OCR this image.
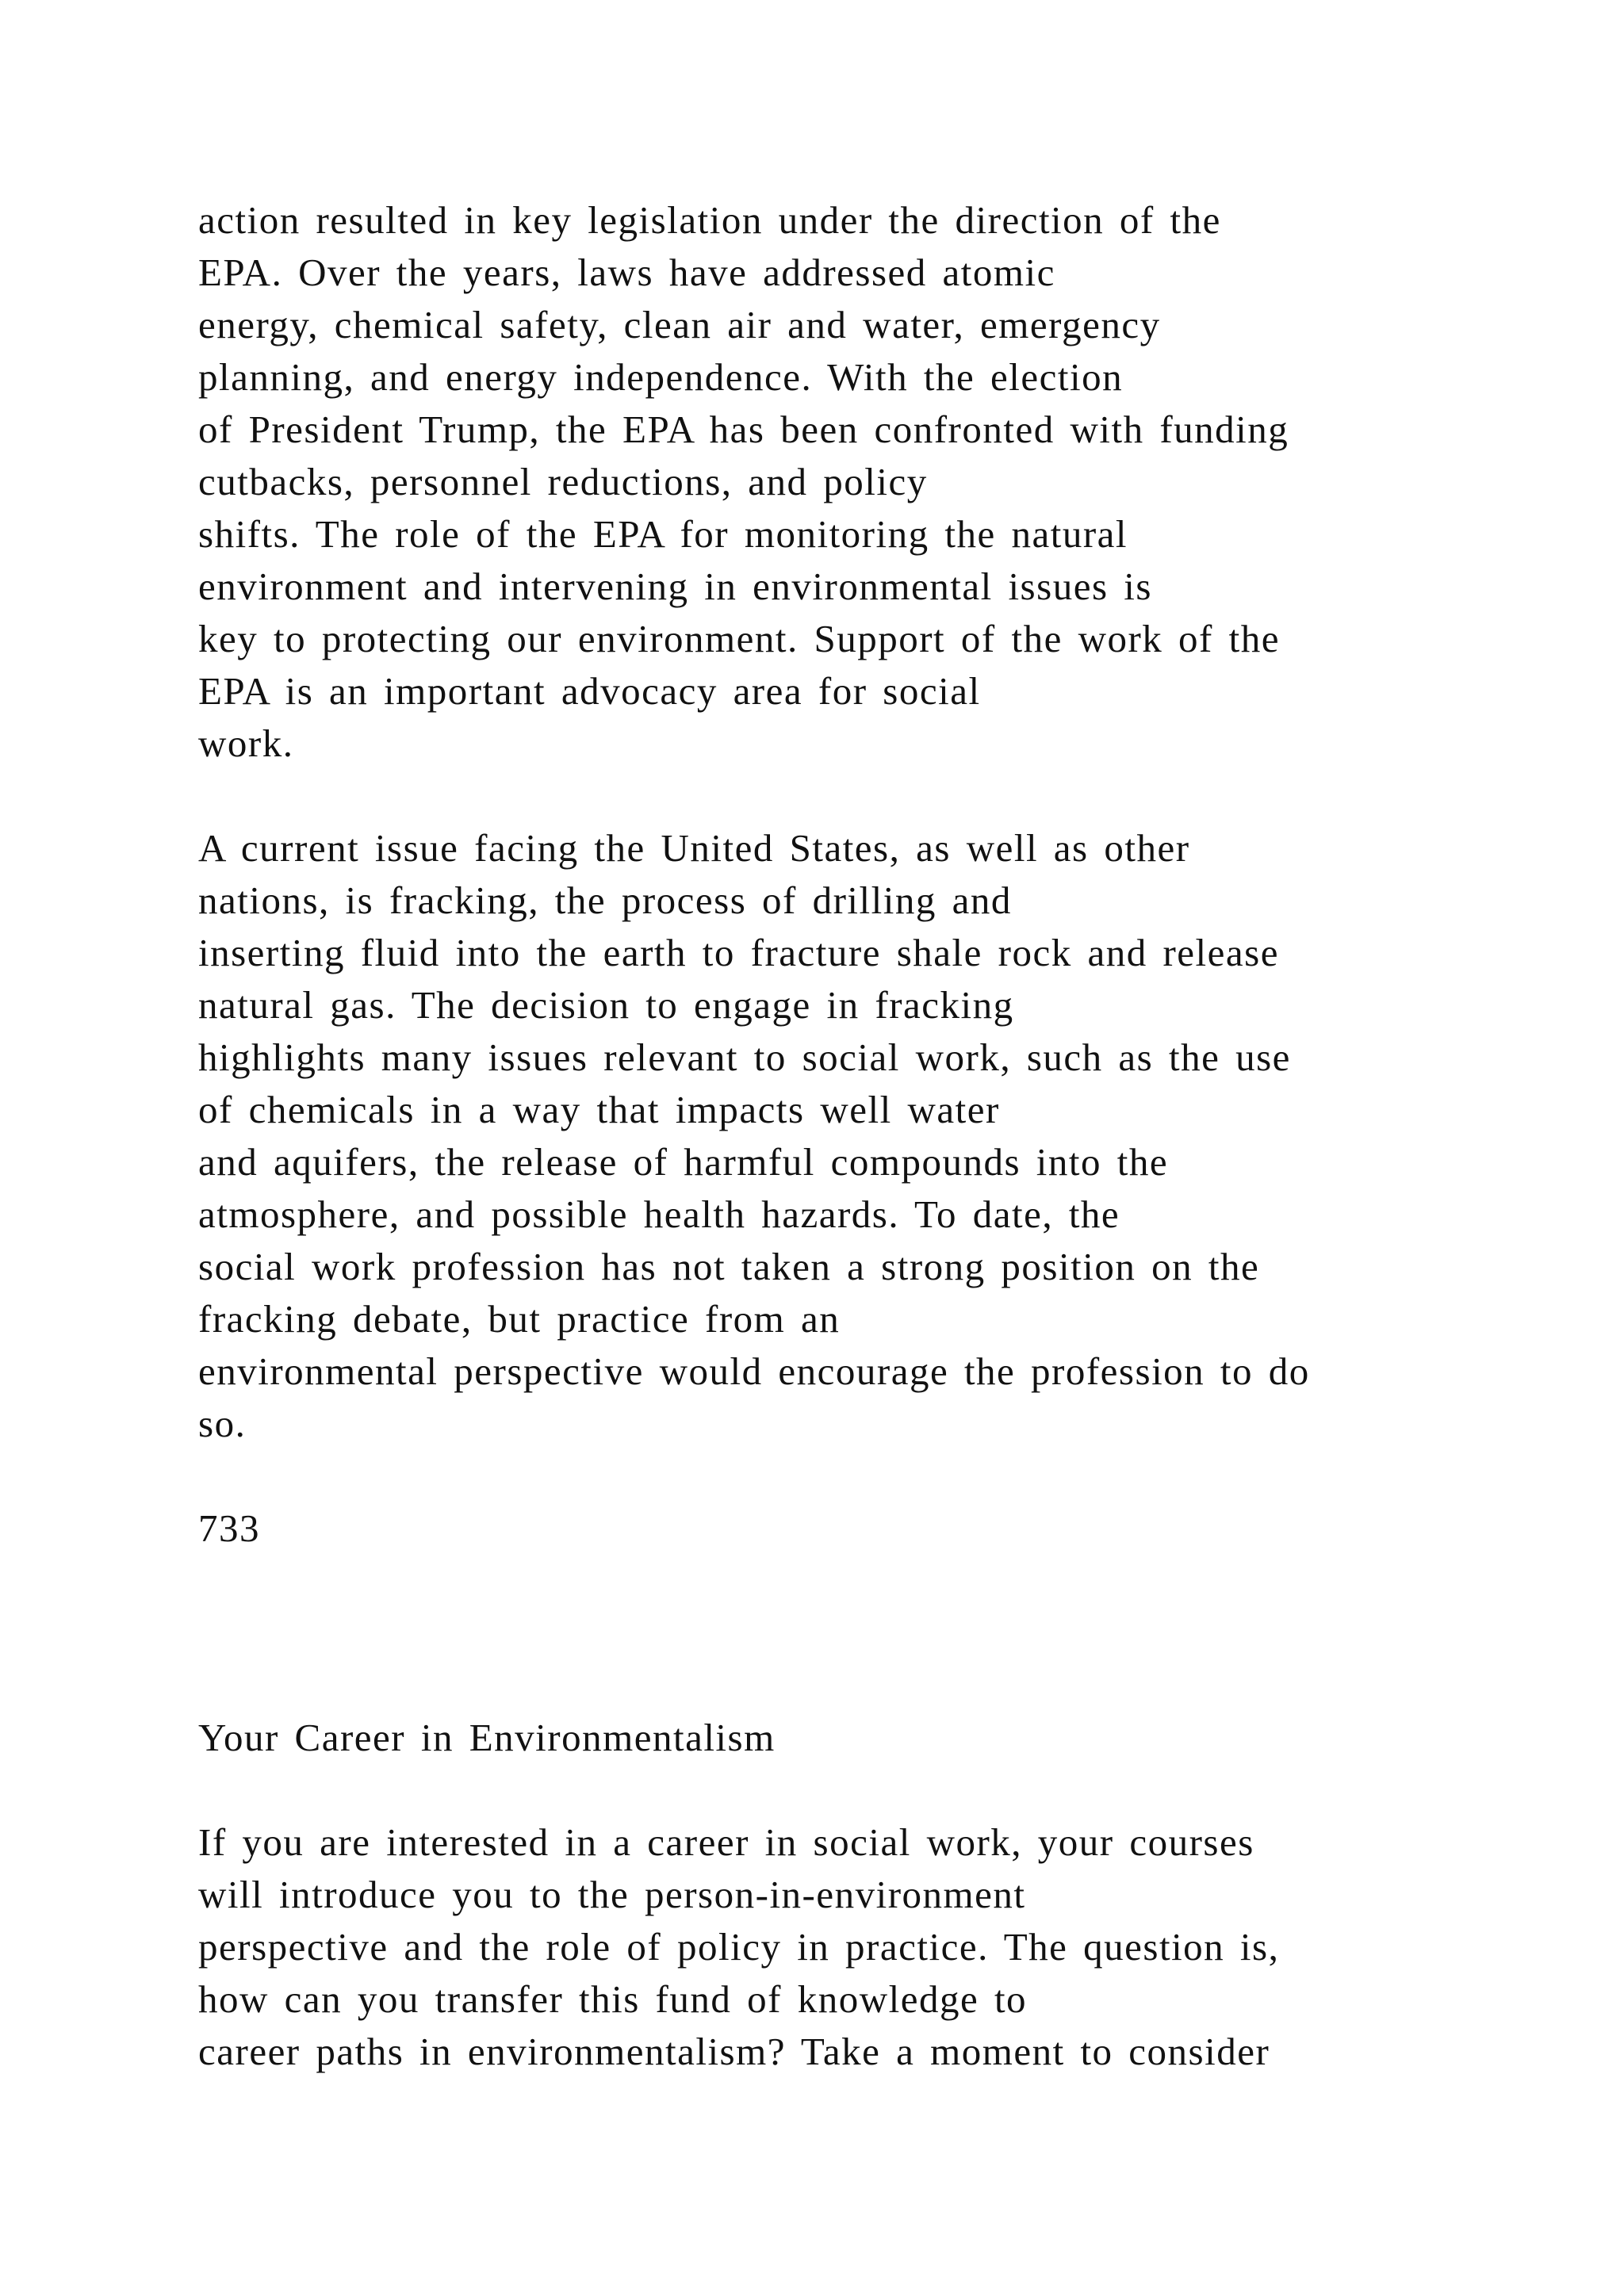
action resulted in key legislation under the direction of the
EPA. Over the years, laws have addressed atomic
energy, chemical safety, clean air and water, emergency
planning, and energy independence. With the election
of President Trump, the EPA has been confronted with funding
cutbacks, personnel reductions, and policy
shifts. The role of the EPA for monitoring the natural
environment and intervening in environmental issues is
key to protecting our environment. Support of the work of the
EPA is an important advocacy area for social
work.
A current issue facing the United States, as well as other
nations, is fracking, the process of drilling and
inserting fluid into the earth to fracture shale rock and release
natural gas. The decision to engage in fracking
highlights many issues relevant to social work, such as the use
of chemicals in a way that impacts well water
and aquifers, the release of harmful compounds into the
atmosphere, and possible health hazards. To date, the
social work profession has not taken a strong position on the
fracking debate, but practice from an
environmental perspective would encourage the profession to do
so.
733
Your Career in Environmentalism
If you are interested in a career in social work, your courses
will introduce you to the person-in-environment
perspective and the role of policy in practice. The question is,
how can you transfer this fund of knowledge to
career paths in environmentalism? Take a moment to consider
